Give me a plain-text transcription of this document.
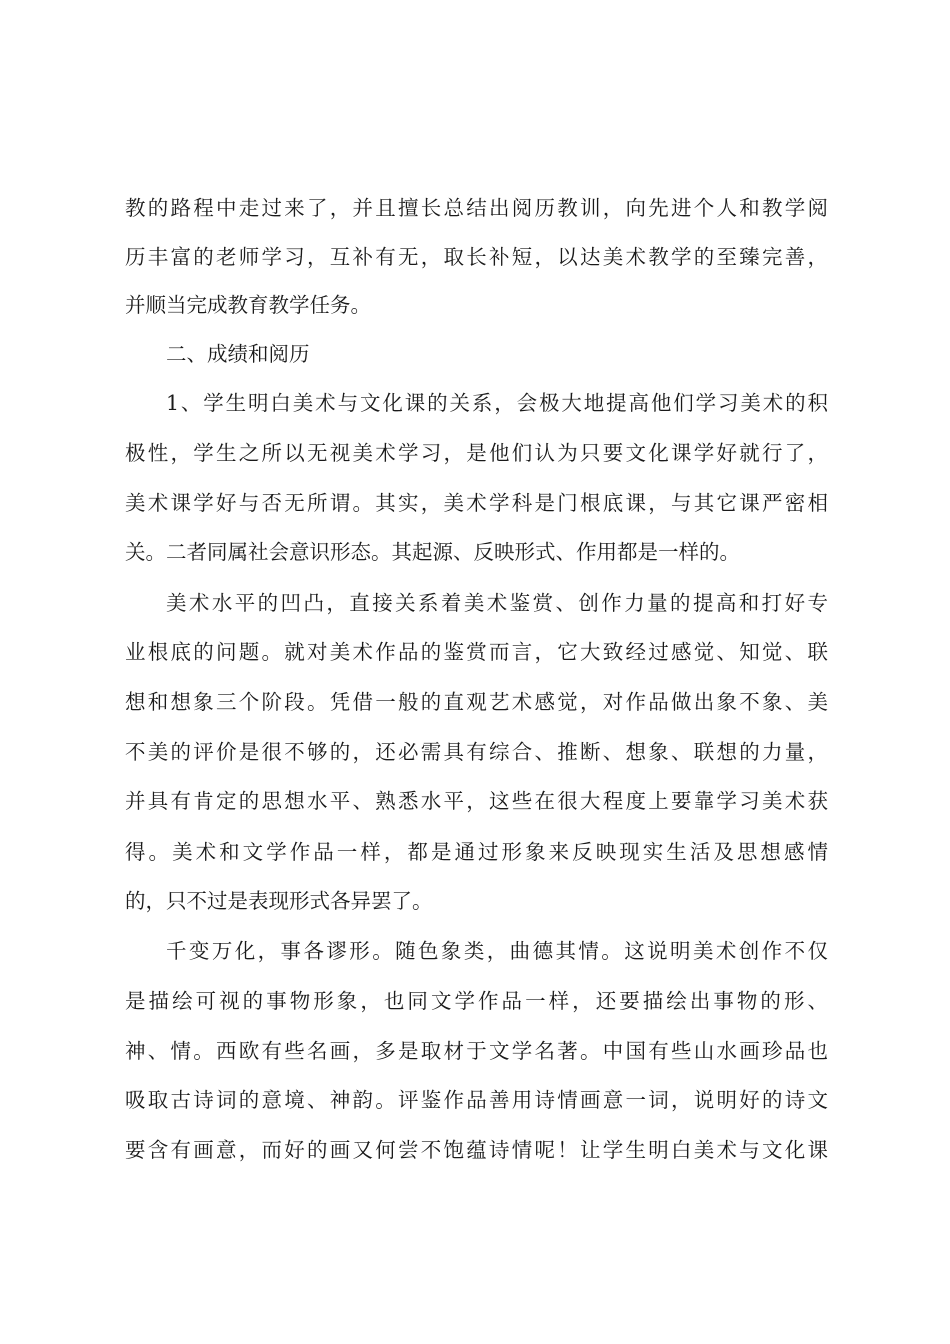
教的路程中走过来了，并且擅长总结出阅历教训，向先进个人和教学阅
历丰富的老师学习，互补有无，取长补短，以达美术教学的至臻完善，
并顺当完成教育教学任务。
二、成绩和阅历
1、学生明白美术与文化课的关系，会极大地提高他们学习美术的积
极性，学生之所以无视美术学习，是他们认为只要文化课学好就行了，
美术课学好与否无所谓。其实，美术学科是门根底课，与其它课严密相
关。二者同属社会意识形态。其起源、反映形式、作用都是一样的。
美术水平的凹凸，直接关系着美术鉴赏、创作力量的提高和打好专
业根底的问题。就对美术作品的鉴赏而言，它大致经过感觉、知觉、联
想和想象三个阶段。凭借一般的直观艺术感觉，对作品做出象不象、美
不美的评价是很不够的，还必需具有综合、推断、想象、联想的力量，
并具有肯定的思想水平、熟悉水平，这些在很大程度上要靠学习美术获
得。美术和文学作品一样，都是通过形象来反映现实生活及思想感情
的，只不过是表现形式各异罢了。
千变万化，事各谬形。随色象类，曲德其情。这说明美术创作不仅
是描绘可视的事物形象，也同文学作品一样，还要描绘出事物的形、
神、情。西欧有些名画，多是取材于文学名著。中国有些山水画珍品也
吸取古诗词的意境、神韵。评鉴作品善用诗情画意一词，说明好的诗文
要含有画意，而好的画又何尝不饱蕴诗情呢！让学生明白美术与文化课
